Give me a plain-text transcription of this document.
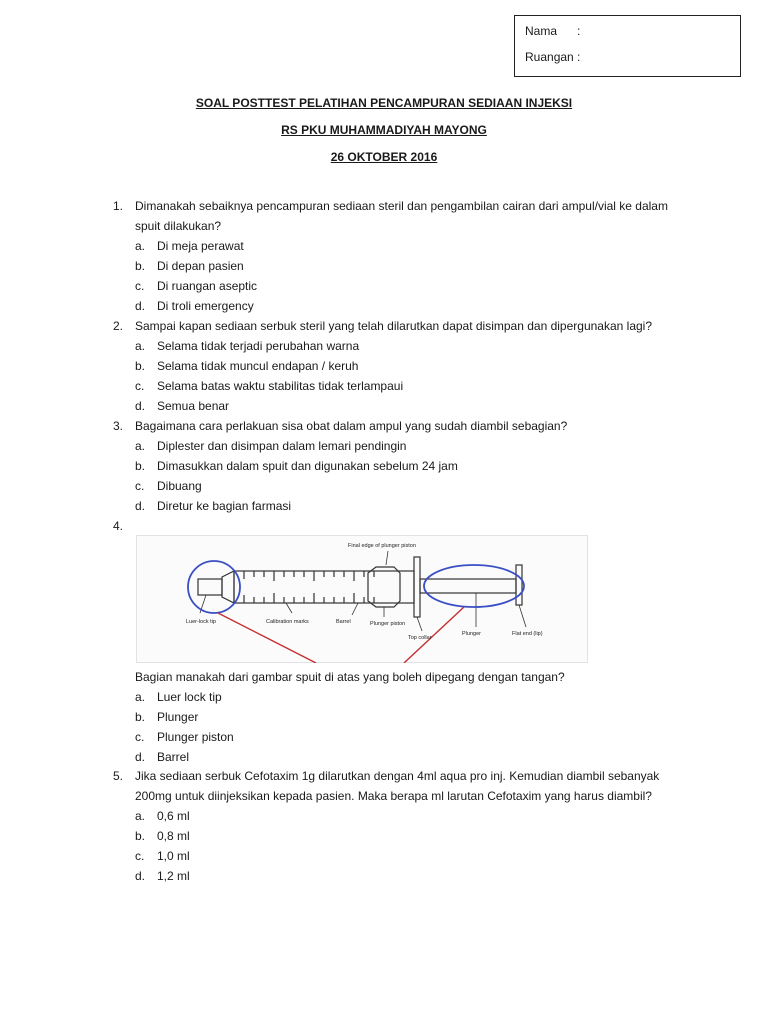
Nama	:
Ruangan :
SOAL POSTTEST PELATIHAN PENCAMPURAN SEDIAAN INJEKSI
RS PKU MUHAMMADIYAH MAYONG
26 OKTOBER 2016
1. Dimanakah sebaiknya pencampuran sediaan steril dan pengambilan cairan dari ampul/vial ke dalam spuit dilakukan?
a. Di meja perawat
b. Di depan pasien
c.	Di ruangan aseptic
d. Di troli emergency
2. Sampai kapan sediaan serbuk steril yang telah dilarutkan dapat disimpan dan dipergunakan lagi?
a. Selama tidak terjadi perubahan warna
b. Selama tidak muncul endapan / keruh
c.	Selama batas waktu stabilitas tidak terlampaui
d. Semua benar
3. Bagaimana cara perlakuan sisa obat dalam ampul yang sudah diambil sebagian?
a. Diplester dan disimpan dalam lemari pendingin
b. Dimasukkan dalam spuit dan digunakan sebelum 24 jam
c.	Dibuang
d. Diretur ke bagian farmasi
4.
Luer-lock tip	Calibration marks	Barrel	Plunger piston
Final edge of plunger piston
Top collar
Plunger	Flat end (lip)
Bagian manakah dari gambar spuit di atas yang boleh dipegang dengan tangan?
a. Luer lock tip
b. Plunger
c.	Plunger piston
d. Barrel
5. Jika sediaan serbuk Cefotaxim 1g dilarutkan dengan 4ml aqua pro inj. Kemudian diambil sebanyak 200mg untuk diinjeksikan kepada pasien. Maka berapa ml larutan Cefotaxim yang harus diambil?
a. 0,6 ml
b. 0,8 ml
c.	1,0 ml
d. 1,2 ml
